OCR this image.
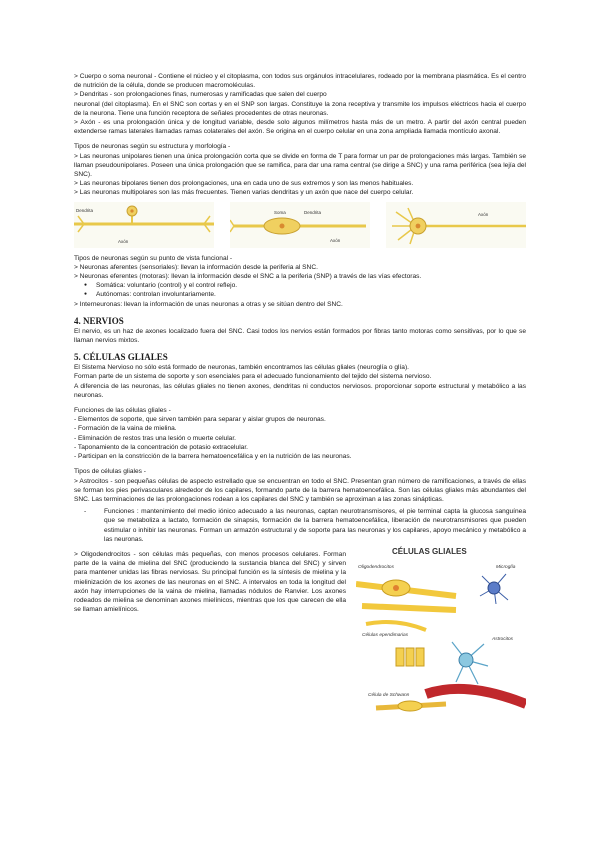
> Cuerpo o soma neuronal - Contiene el núcleo y el citoplasma, con todos sus orgánulos intracelulares, rodeado por la membrana plasmática. Es el centro de nutrición de la célula, donde se producen macromoléculas.

> Dendritas - son prolongaciones finas, numerosas y ramificadas que salen del cuerpo

neuronal (del citoplasma). En el SNC son cortas y en el SNP son largas. Constituye la zona receptiva y transmite los impulsos eléctricos hacia el cuerpo de la neurona. Tiene una función receptora de señales procedentes de otras neuronas.

> Axón - es una prolongación única y de longitud variable, desde solo algunos milímetros hasta más de un metro. A partir del axón central pueden extenderse ramas laterales llamadas ramas colaterales del axón. Se origina en el cuerpo celular en una zona ampliada llamada montículo axonal.

Tipos de neuronas según su estructura y morfología -

> Las neuronas unipolares tienen una única prolongación corta que se divide en forma de T para formar un par de prolongaciones más largas. También se llaman pseudounipolares. Poseen una única prolongación que se ramifica, para dar una rama central (se dirige a SNC) y una rama periférica (sea lejía del SNC).

> Las neuronas bipolares tienen dos prolongaciones, una en cada uno de sus extremos y son las menos habituales.

> Las neuronas multipolares son las más frecuentes. Tienen varias dendritas y un axón que nace del cuerpo celular.

Axón
Dendrita	Soma	Dendrita
Axón
Axón

Tipos de neuronas según su punto de vista funcional -

> Neuronas aferentes (sensoriales): llevan la información desde la periferia al SNC.

> Neuronas eferentes (motoras): llevan la información desde el SNC a la periferia (SNP) a través de las vías efectoras.

● Somática: voluntario (control) y el control reflejo.

● Autónomas: controlan involuntariamente.

> Interneuronas: llevan la información de unas neuronas a otras y se sitúan dentro del SNC.

4. NERVIOS

El nervio, es un haz de axones localizado fuera del SNC. Casi todos los nervios están formados por fibras tanto motoras como sensitivas, por lo que se llaman nervios mixtos.

5. CÉLULAS GLIALES

El Sistema Nervioso no sólo está formado de neuronas, también encontramos las células gliales (neuroglía o glía).

Forman parte de un sistema de soporte y son esenciales para el adecuado funcionamiento del tejido del sistema nervioso.

A diferencia de las neuronas, las células gliales no tienen axones, dendritas ni conductos nerviosos. proporcionar soporte estructural y metabólico a las neuronas.

Funciones de las células gliales -

- Elementos de soporte, que sirven también para separar y aislar grupos de neuronas.

- Formación de la vaina de mielina.

- Eliminación de restos tras una lesión o muerte celular.

- Taponamiento de la concentración de potasio extracelular.

- Participan en la constricción de la barrera hematoencefálica y en la nutrición de las neuronas.

Tipos de células gliales -

> Astrocitos - son pequeñas células de aspecto estrellado que se encuentran en todo el SNC. Presentan gran número de ramificaciones, a través de ellas se forman los pies perivasculares alrededor de los capilares, formando parte de la barrera hematoencefálica. Son las células gliales más abundantes del SNC. Las terminaciones de las prolongaciones rodean a los capilares del SNC y también se aproximan a las zonas sinápticas.

-	Funciones : mantenimiento del medio iónico adecuado a las neuronas, captan neurotransmisores, el pie terminal capta la glucosa sanguínea que se metaboliza a lactato, formación de sinapsis, formación de la barrera hematoencefálica, liberación de neurotransmisores que pueden estimular o inhibir las neuronas. Forman un armazón estructural y de soporte para las neuronas y los capilares, apoyo mecánico y metabólico a las neuronas.

> Oligodendrocitos - son células más pequeñas, con menos procesos celulares. Forman parte de la vaina de mielina del SNC (produciendo la sustancia blanca del SNC) y sirven para mantener unidas las fibras nerviosas. Su principal función es la síntesis de mielina y la mielinización de los axones de las neuronas en el SNC. A intervalos en toda la longitud del axón hay interrupciones de la vaina de mielina, llamadas nódulos de Ranvier. Los axones rodeados de mielina se denominan axones mielínicos, mientras que los que carecen de ella se llaman amielínicos.

CÉLULAS GLIALES
Oligodendrocitos	Microglía
Células ependimarias
Astrocitos
Célula de Schwann
